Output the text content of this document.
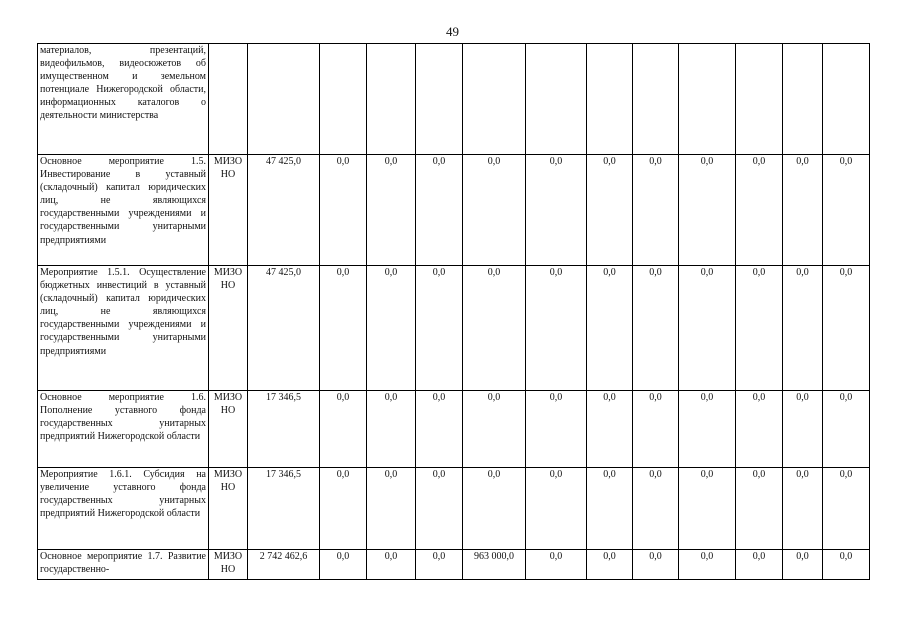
49
материалов, презентаций, видеофильмов, видеосюжетов об имущественном и земельном потенциале Нижегородской области, информационных каталогов о деятельности министерства													
Основное мероприятие 1.5. Инвестирование в уставный (складочный) капитал юридических лиц, не являющихся государственными учреждениями и государственными унитарными предприятиями	МИЗО НО	47 425,0	0,0	0,0	0,0	0,0	0,0	0,0	0,0	0,0	0,0	0,0	0,0
Мероприятие 1.5.1. Осуществление бюджетных инвестиций в уставный (складочный) капитал юридических лиц, не являющихся государственными учреждениями и государственными унитарными предприятиями	МИЗО НО	47 425,0	0,0	0,0	0,0	0,0	0,0	0,0	0,0	0,0	0,0	0,0	0,0
Основное мероприятие 1.6. Пополнение уставного фонда государственных унитарных предприятий Нижегородской области	МИЗО НО	17 346,5	0,0	0,0	0,0	0,0	0,0	0,0	0,0	0,0	0,0	0,0	0,0
Мероприятие 1.6.1. Субсидия на увеличение уставного фонда государственных унитарных предприятий Нижегородской области	МИЗО НО	17 346,5	0,0	0,0	0,0	0,0	0,0	0,0	0,0	0,0	0,0	0,0	0,0
Основное мероприятие 1.7. Развитие государственно-	МИЗО НО	2 742 462,6	0,0	0,0	0,0	963 000,0	0,0	0,0	0,0	0,0	0,0	0,0	0,0
